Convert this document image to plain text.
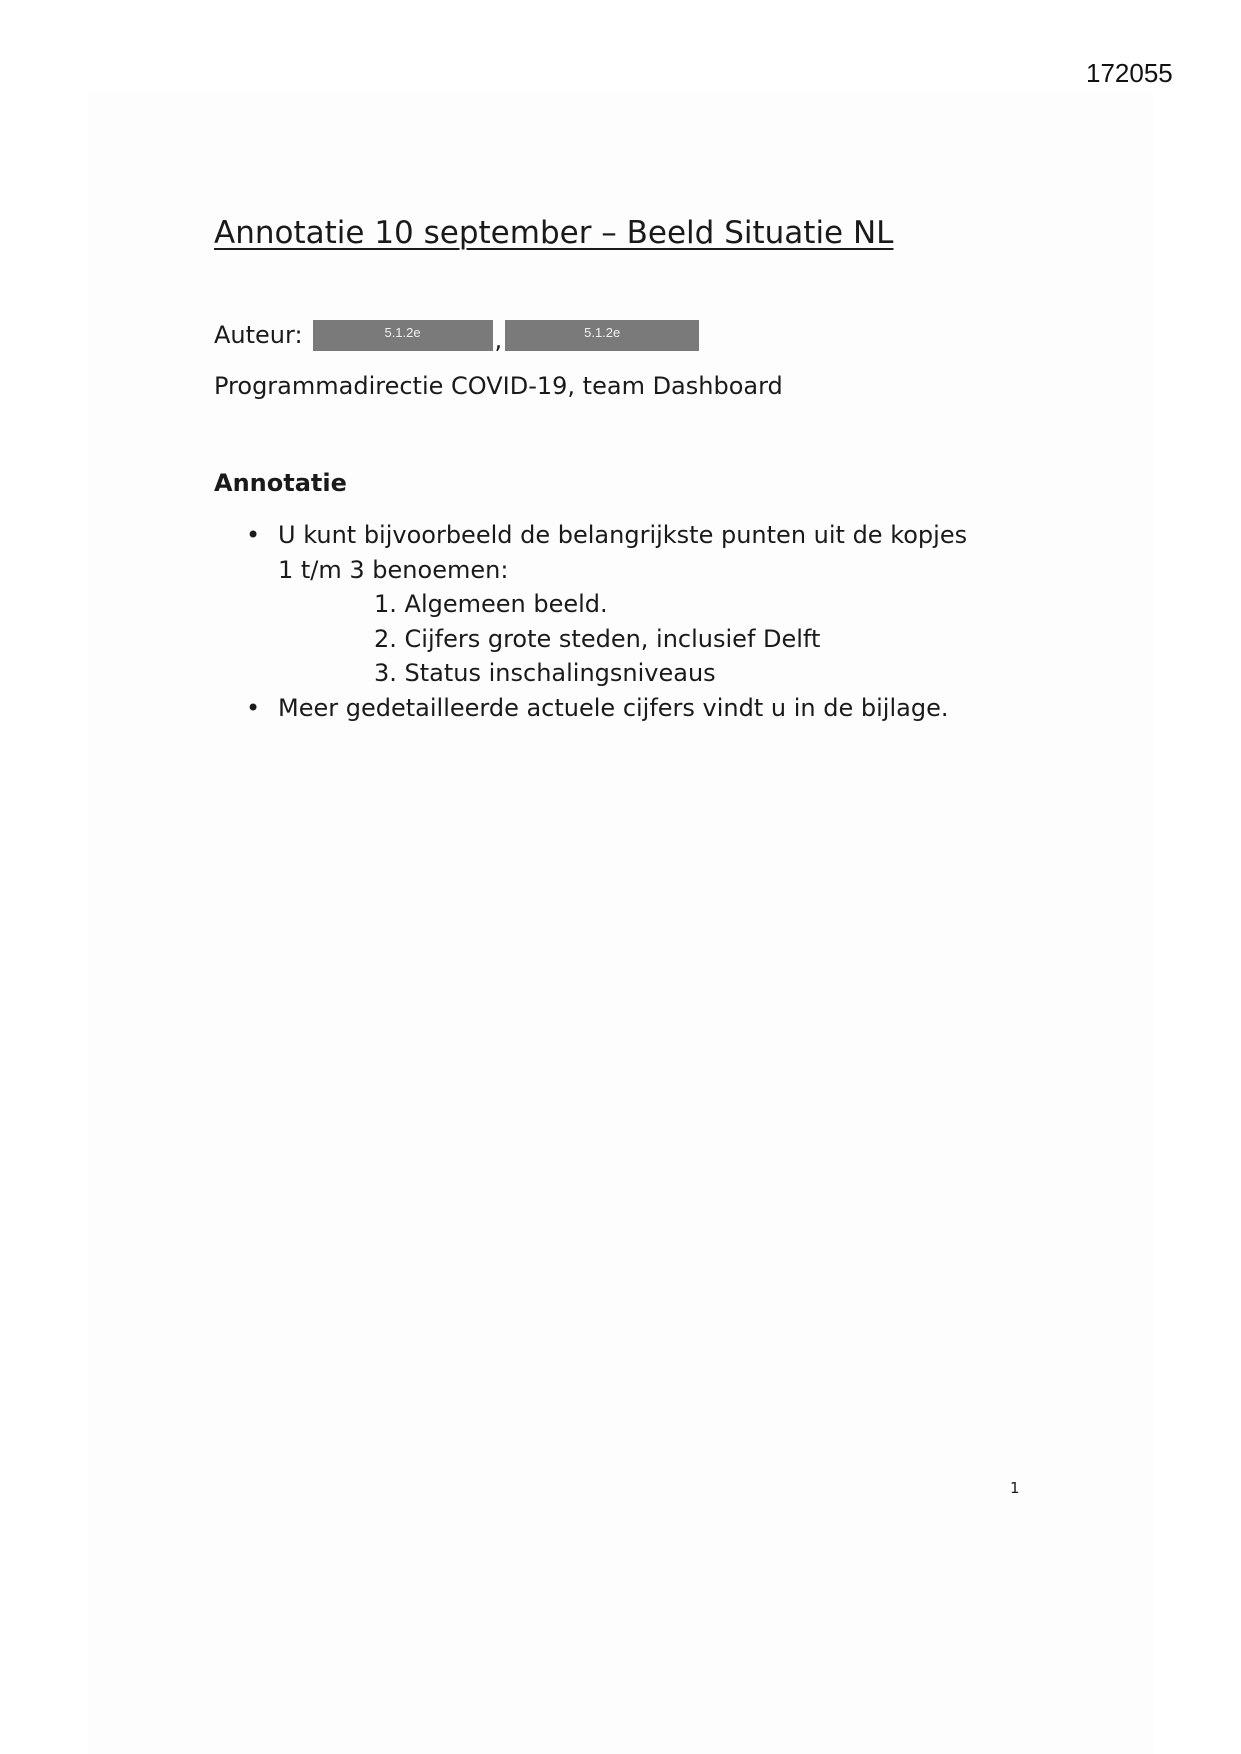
172055
Annotatie 10 september – Beeld Situatie NL
Auteur:	5.1.2e	,	5.1.2e
Programmadirectie COVID-19, team Dashboard
Annotatie
• U kunt bijvoorbeeld de belangrijkste punten uit de kopjes
1 t/m 3 benoemen:
1. Algemeen beeld.
2. Cijfers grote steden, inclusief Delft
3. Status inschalingsniveaus
• Meer gedetailleerde actuele cijfers vindt u in de bijlage.
1
